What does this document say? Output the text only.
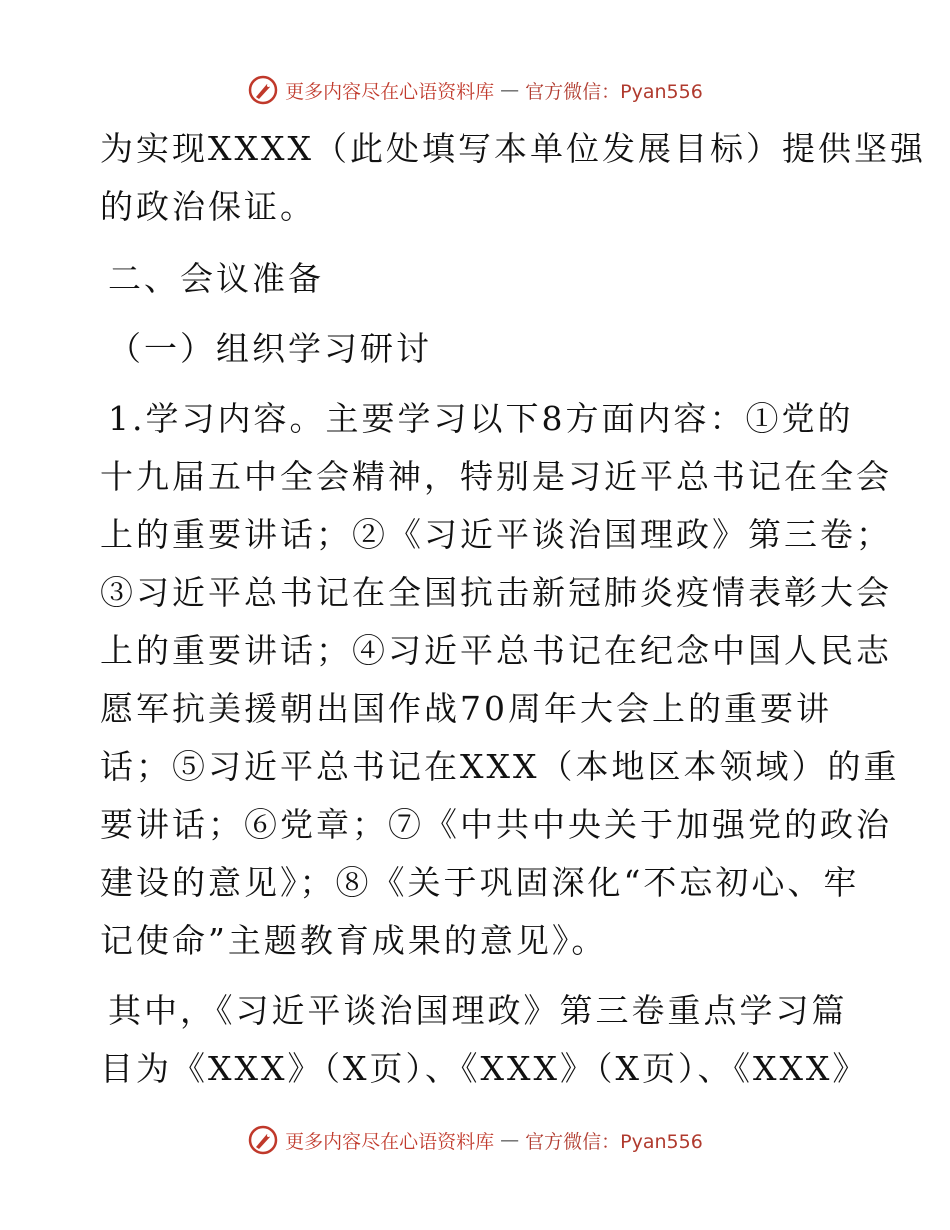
更多内容尽在心语资料库 — 官方微信：Pyan556

为实现XXXX（此处填写本单位发展目标）提供坚强
的政治保证。

二、会议准备

（一）组织学习研讨

1.学习内容。主要学习以下8方面内容：①党的
十九届五中全会精神，特别是习近平总书记在全会
上的重要讲话；②《习近平谈治国理政》第三卷；
③习近平总书记在全国抗击新冠肺炎疫情表彰大会
上的重要讲话；④习近平总书记在纪念中国人民志
愿军抗美援朝出国作战70周年大会上的重要讲
话；⑤习近平总书记在XXX（本地区本领域）的重
要讲话；⑥党章；⑦《中共中央关于加强党的政治
建设的意见》；⑧《关于巩固深化“不忘初心、牢
记使命”主题教育成果的意见》。

其中，《习近平谈治国理政》第三卷重点学习篇
目为《XXX》（X页）、《XXX》（X页）、《XXX》

更多内容尽在心语资料库 — 官方微信：Pyan556
